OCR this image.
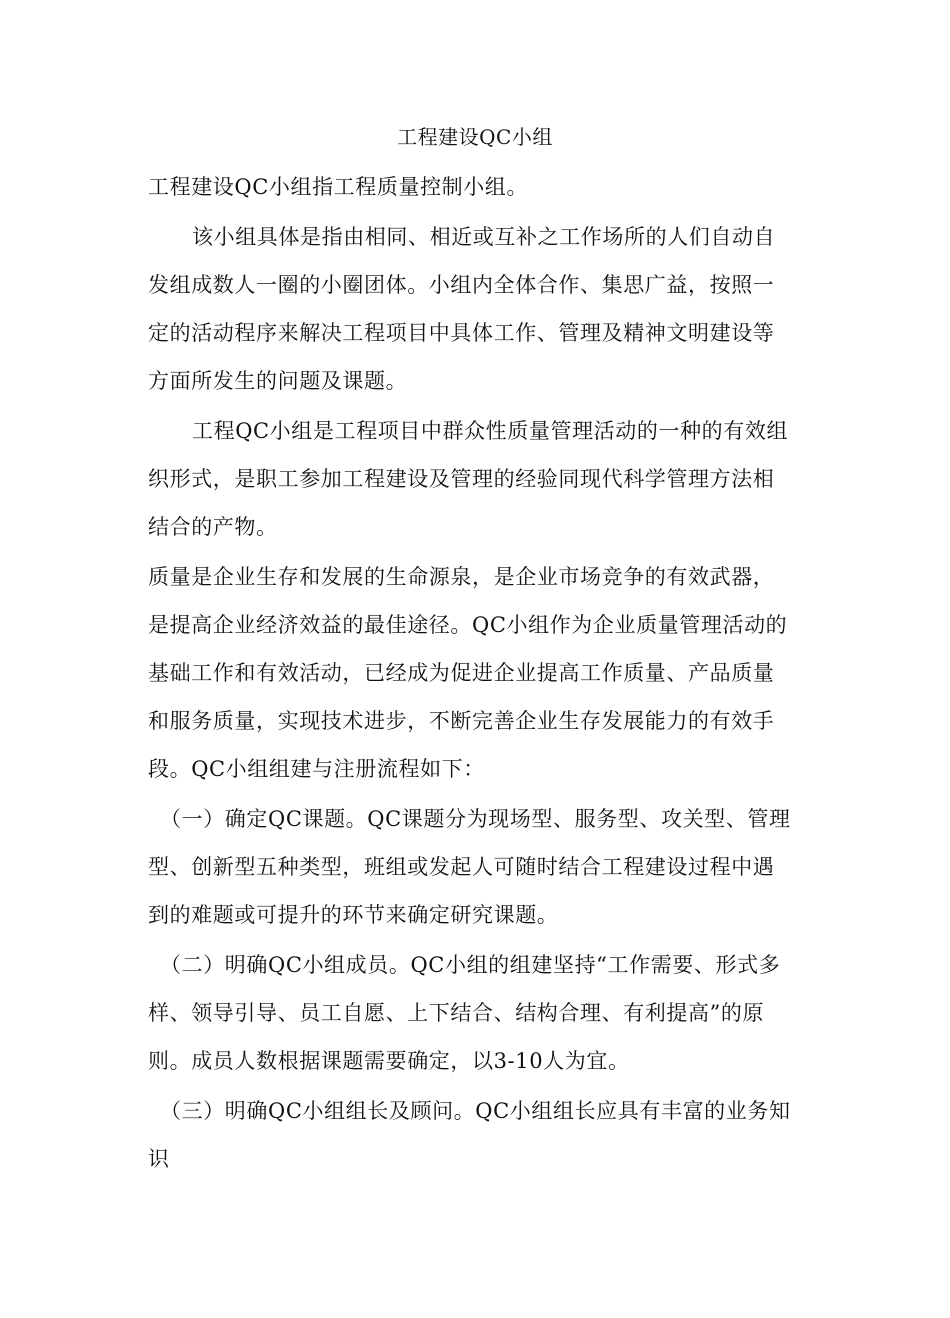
工程建设QC小组
工程建设QC小组指工程质量控制小组。
该小组具体是指由相同、相近或互补之工作场所的人们自动自
发组成数人一圈的小圈团体。小组内全体合作、集思广益，按照一
定的活动程序来解决工程项目中具体工作、管理及精神文明建设等
方面所发生的问题及课题。
工程QC小组是工程项目中群众性质量管理活动的一种的有效组
织形式，是职工参加工程建设及管理的经验同现代科学管理方法相
结合的产物。
质量是企业生存和发展的生命源泉，是企业市场竞争的有效武器，
是提高企业经济效益的最佳途径。QC小组作为企业质量管理活动的
基础工作和有效活动，已经成为促进企业提高工作质量、产品质量
和服务质量，实现技术进步，不断完善企业生存发展能力的有效手
段。QC小组组建与注册流程如下：
（一）确定QC课题。QC课题分为现场型、服务型、攻关型、管理
型、创新型五种类型，班组或发起人可随时结合工程建设过程中遇
到的难题或可提升的环节来确定研究课题。
（二）明确QC小组成员。QC小组的组建坚持“工作需要、形式多
样、领导引导、员工自愿、上下结合、结构合理、有利提高”的原
则。成员人数根据课题需要确定，以3-10人为宜。
（三）明确QC小组组长及顾问。QC小组组长应具有丰富的业务知
识
